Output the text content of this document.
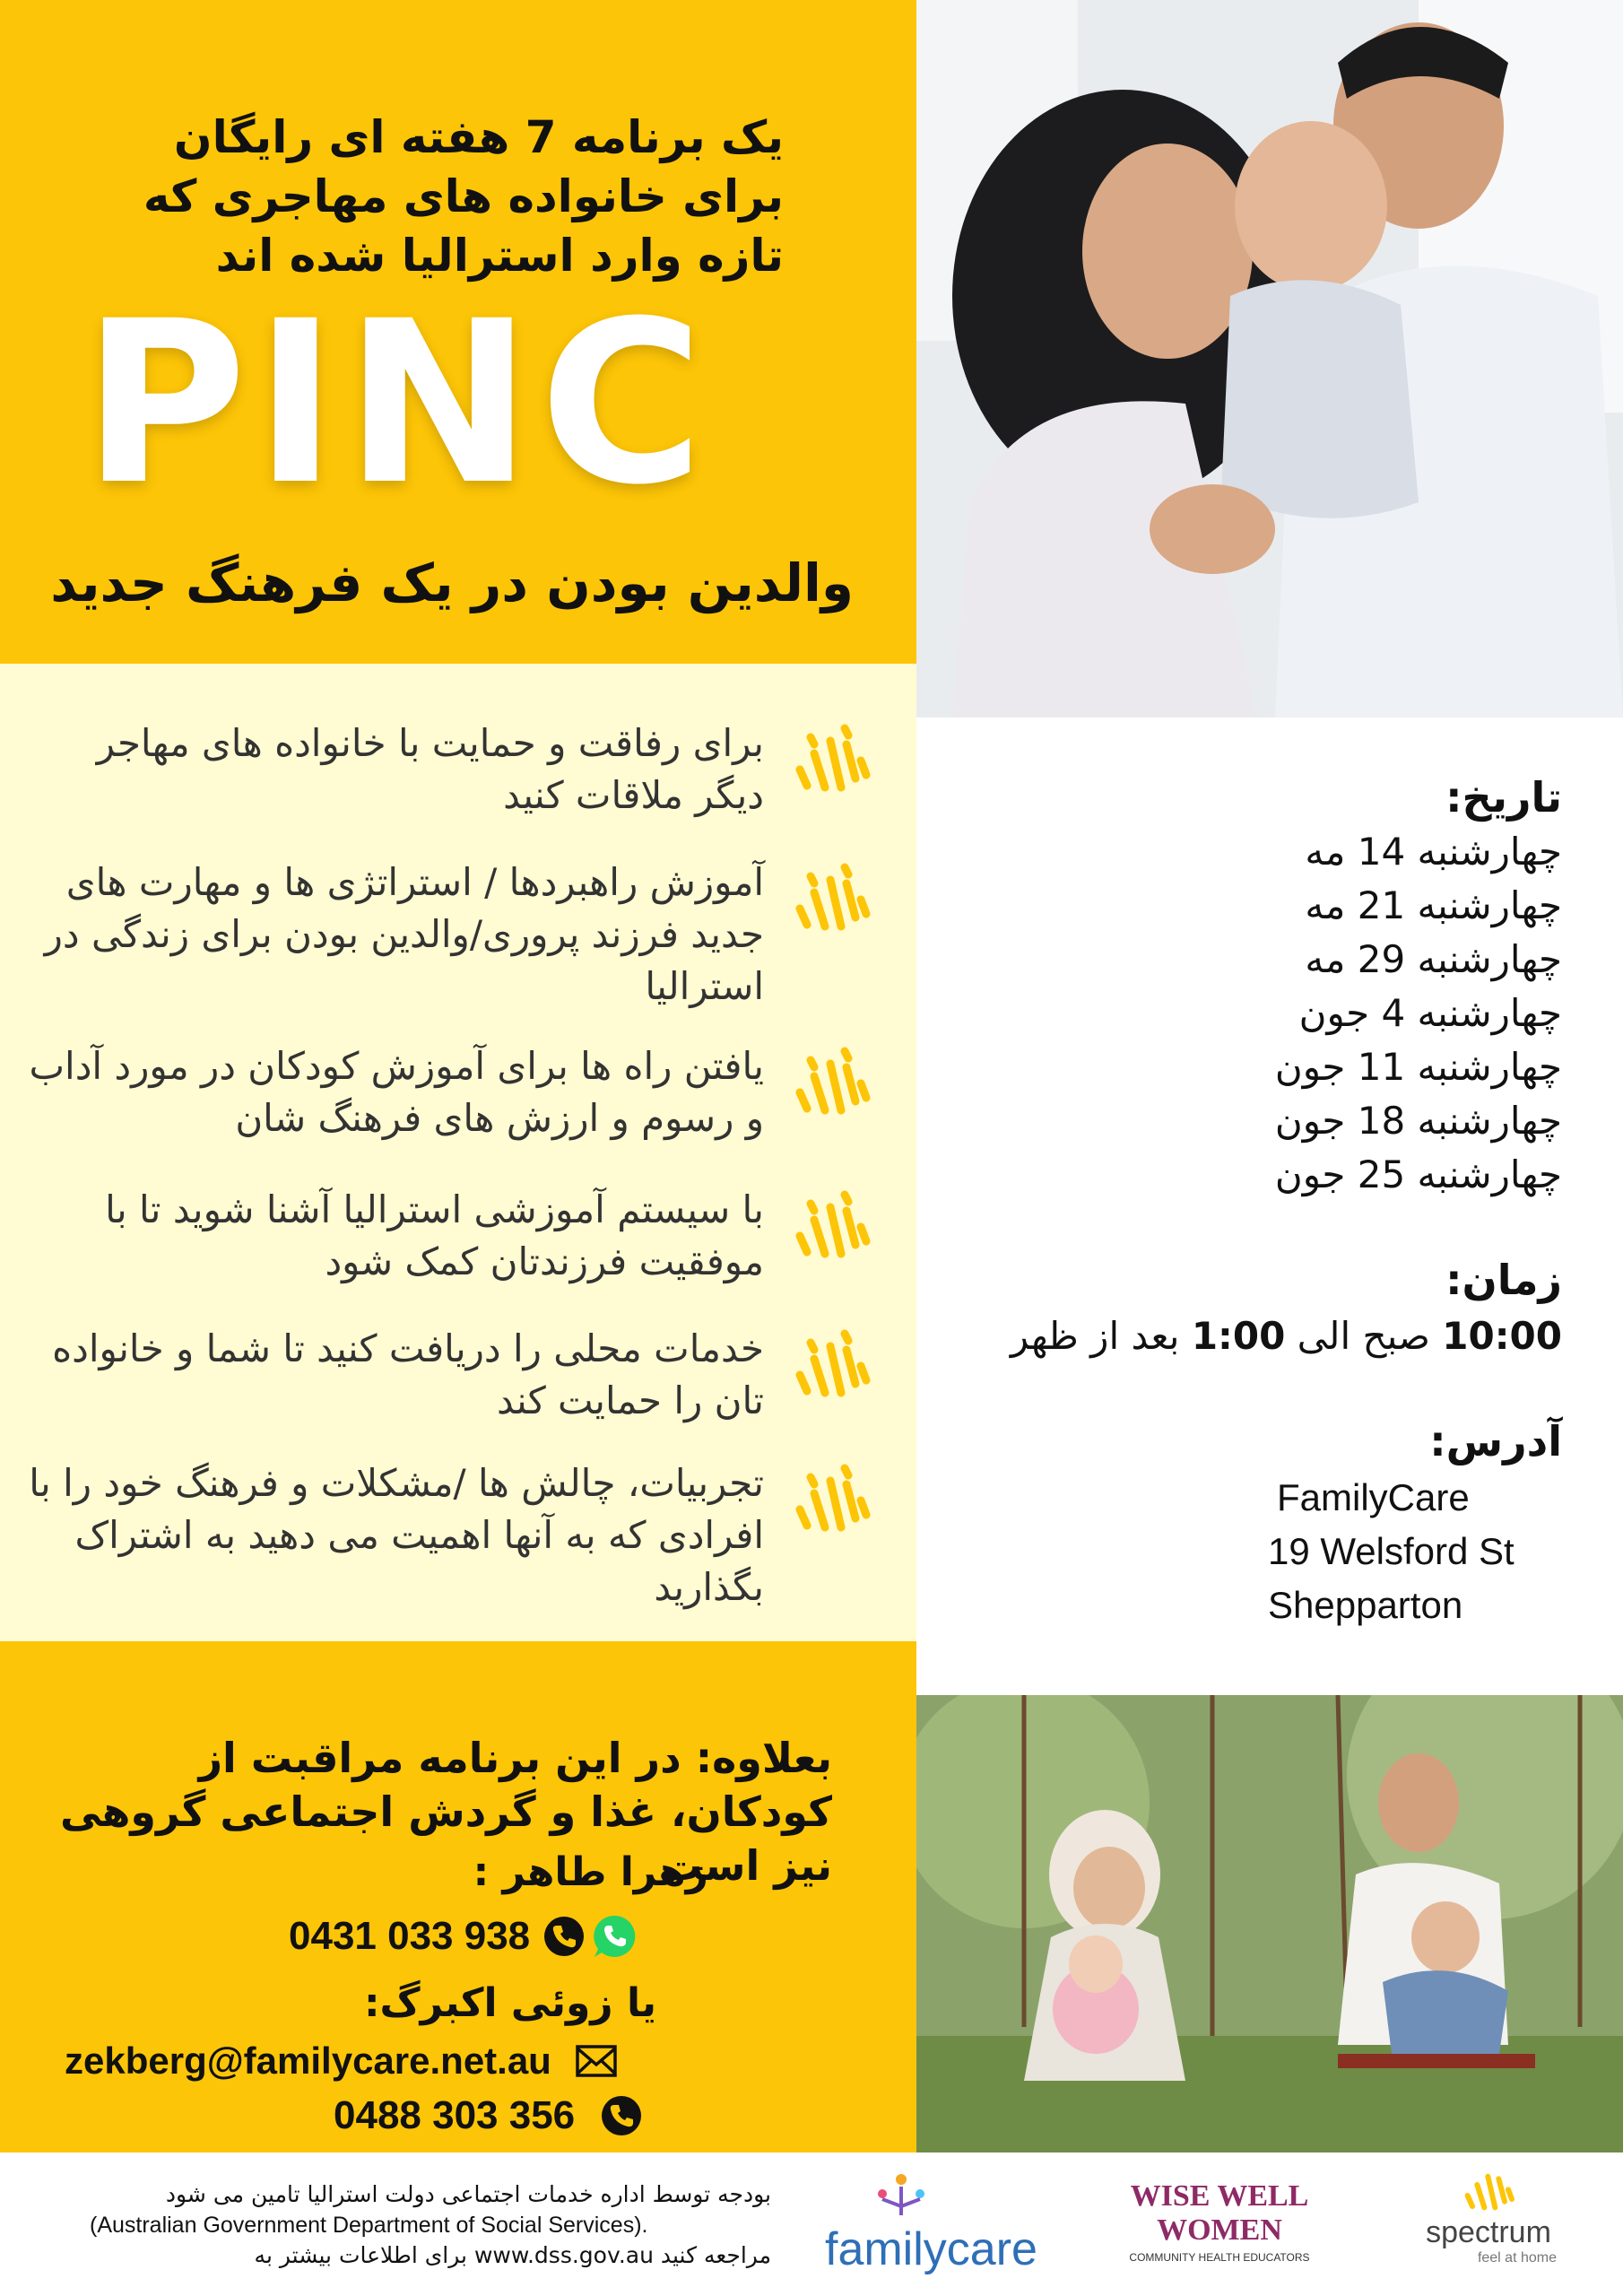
یک برنامه 7 هفته ای رایگان برای خانواده های مهاجری که تازه وارد استرالیا شده اند
PINC
والدین بودن در یک فرهنگ جدید
برای رفاقت و حمایت با خانواده های مهاجر دیگر ملاقات کنید
آموزش راهبردها / استراتژی ها و مهارت های جدید فرزند پروری/والدین بودن برای زندگی در استرالیا
یافتن راه ها برای آموزش کودکان در مورد آداب و رسوم و ارزش های فرهنگ شان
با سیستم آموزشی استرالیا آشنا شوید تا با موفقیت فرزندتان کمک شود
خدمات محلی را دریافت کنید تا شما و خانواده تان را حمایت کند
تجربیات، چالش ها /مشکلات و فرهنگ خود را با افرادی که به آنها اهمیت می دهید به اشتراک بگذارید
تاریخ:
چهارشنبه 14 مه
چهارشنبه 21 مه
چهارشنبه 29 مه
چهارشنبه 4 جون
چهارشنبه 11 جون
چهارشنبه 18 جون
چهارشنبه 25 جون
زمان:
10:00 صبح الی 1:00 بعد از ظهر
آدرس:
FamilyCare
19 Welsford St
Shepparton
بعلاوه: در این برنامه مراقبت از کودکان، غذا و گردش اجتماعی گروهی نیز است
زهرا طاهر :
0431 033 938
یا زوئی اکبرگ:
zekberg@familycare.net.au
0488 303 356
بودجه توسط اداره خدمات اجتماعی دولت استرالیا تامین می شود
(Australian Government Department of Social Services).
مراجعه کنید www.dss.gov.au برای اطلاعات بیشتر به familycare
WISE WELL WOMEN
COMMUNITY HEALTH EDUCATORS
spectrum
feel at home
